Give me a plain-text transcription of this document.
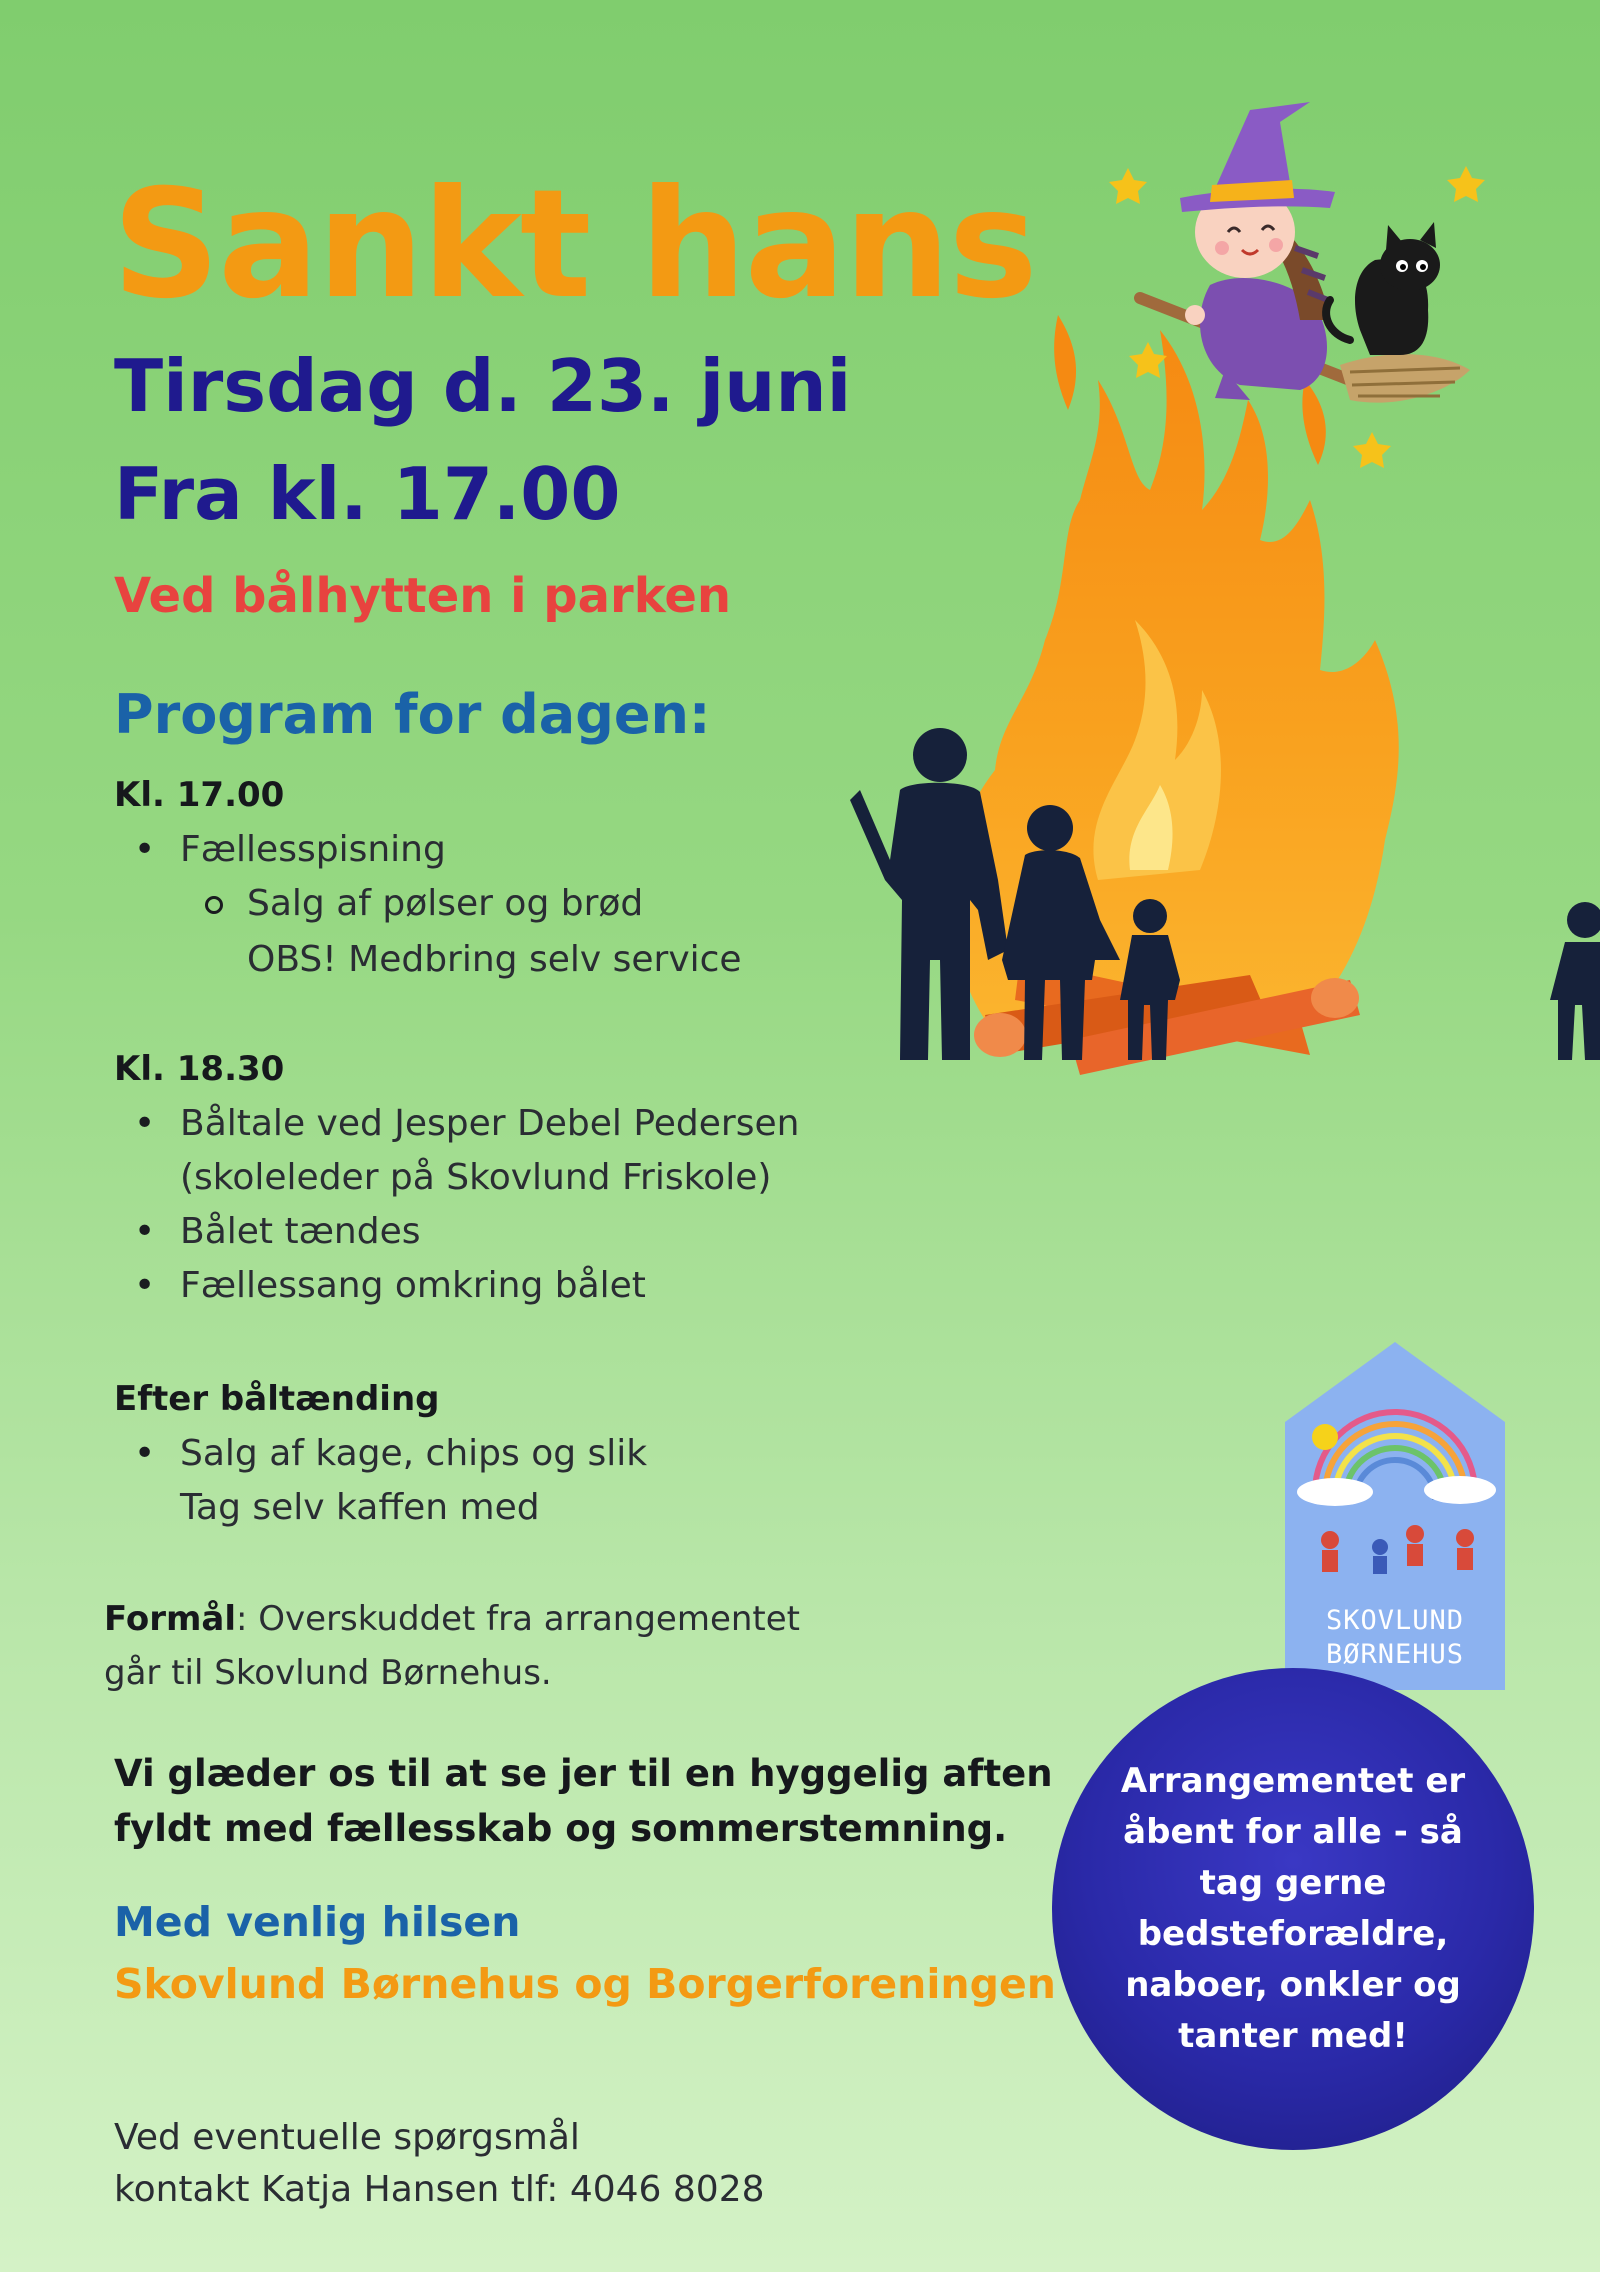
Sankt hans
Tirsdag d. 23. juni
Fra kl. 17.00
Ved bålhytten i parken
Program for dagen:
Kl. 17.00
• Fællesspisning
Salg af pølser og brød
OBS! Medbring selv service
Kl. 18.30
• Båltale ved Jesper Debel Pedersen
(skoleleder på Skovlund Friskole)
• Bålet tændes
• Fællessang omkring bålet
Efter båltænding
• Salg af kage, chips og slik
Tag selv kaffen med
Formål: Overskuddet fra arrangementet
går til Skovlund Børnehus.
Vi glæder os til at se jer til en hyggelig aften
fyldt med fællesskab og sommerstemning.
Med venlig hilsen
Skovlund Børnehus og Borgerforeningen
Ved eventuelle spørgsmål
kontakt Katja Hansen tlf: 4046 8028
SKOVLUND
BØRNEHUS
Arrangementet er
åbent for alle - så
tag gerne
bedsteforældre,
naboer, onkler og
tanter med!
